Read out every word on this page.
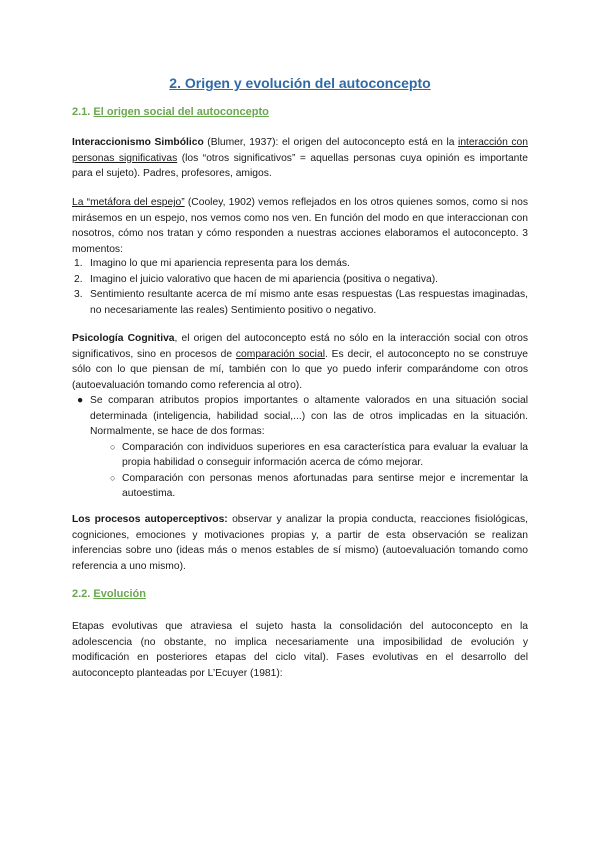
2. Origen y evolución del autoconcepto
2.1. El origen social del autoconcepto

Interaccionismo Simbólico (Blumer, 1937): el origen del autoconcepto está en la interacción con personas significativas (los “otros significativos” = aquellas personas cuya opinión es importante para el sujeto). Padres, profesores, amigos.

La “metáfora del espejo” (Cooley, 1902) vemos reflejados en los otros quienes somos, como si nos mirásemos en un espejo, nos vemos como nos ven. En función del modo en que interaccionan con nosotros, cómo nos tratan y cómo responden a nuestras acciones elaboramos el autoconcepto. 3 momentos:

1. Imagino lo que mi apariencia representa para los demás.
2. Imagino el juicio valorativo que hacen de mi apariencia (positiva o negativa).
3. Sentimiento resultante acerca de mí mismo ante esas respuestas (Las respuestas imaginadas, no necesariamente las reales) Sentimiento positivo o negativo.

Psicología Cognitiva, el origen del autoconcepto está no sólo en la interacción social con otros significativos, sino en procesos de comparación social. Es decir, el autoconcepto no se construye sólo con lo que piensan de mí, también con lo que yo puedo inferir comparándome con otros (autoevaluación tomando como referencia al otro).

● Se comparan atributos propios importantes o altamente valorados en una situación social determinada (inteligencia, habilidad social,...) con las de otros implicadas en la situación. Normalmente, se hace de dos formas:
○ Comparación con individuos superiores en esa característica para evaluar la evaluar la propia habilidad o conseguir información acerca de cómo mejorar.
○ Comparación con personas menos afortunadas para sentirse mejor e incrementar la autoestima.

Los procesos autoperceptivos: observar y analizar la propia conducta, reacciones fisiológicas, cogniciones, emociones y motivaciones propias y, a partir de esta observación se realizan inferencias sobre uno (ideas más o menos estables de sí mismo) (autoevaluación tomando como referencia a uno mismo).

2.2. Evolución

Etapas evolutivas que atraviesa el sujeto hasta la consolidación del autoconcepto en la adolescencia (no obstante, no implica necesariamente una imposibilidad de evolución y modificación en posteriores etapas del ciclo vital). Fases evolutivas en el desarrollo del autoconcepto planteadas por L’Ecuyer (1981):
